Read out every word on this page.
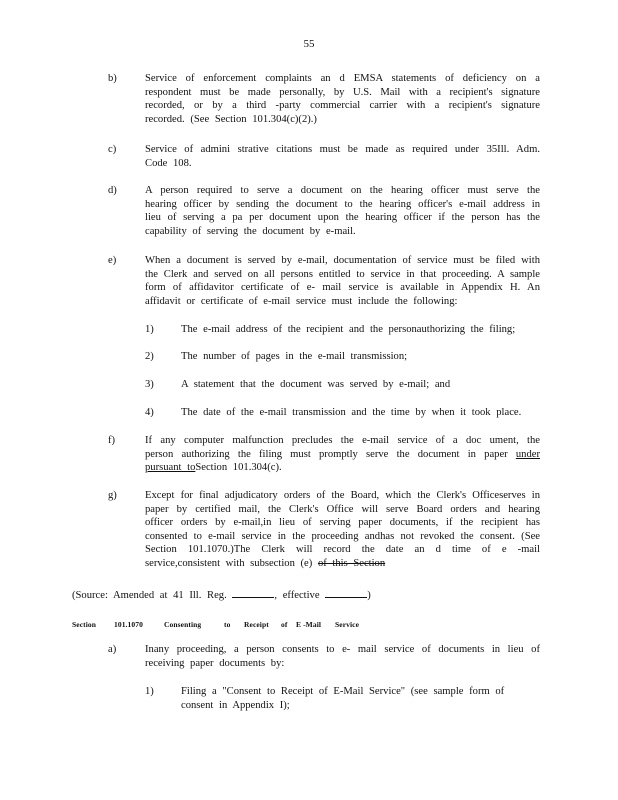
55
b)	Service of enforcement complaints an d EMSA statements of deficiency on a respondent must be made personally, by U.S. Mail with a recipient's signature recorded, or by a third -party commercial carrier with a recipient's signature recorded. (See Section 101.304(c)(2).)
c)	Service of admini strative citations must be made as required under 35Ill. Adm. Code 108.
d)	A person required to serve a document on the hearing officer must serve the hearing officer by sending the document to the hearing officer's e-mail address in lieu of serving a pa per document upon the hearing officer if the person has the capability of serving the document by e-mail.
e)	When a document is served by e-mail, documentation of service must be filed with the Clerk and served on all persons entitled to service in that proceeding. A sample form of affidavitor certificate of e- mail service is available in Appendix H. An affidavit or certificate of e-mail service must include the following:
1)	The e-mail address of the recipient and the personauthorizing the filing;
2)	The number of pages in the e-mail transmission;
3)	A statement that the document was served by e-mail; and
4)	The date of the e-mail transmission and the time by when it took place.
f)	If any computer malfunction precludes the e-mail service of a doc ument, the person authorizing the filing must promptly serve the document in paper under pursuant toSection 101.304(c).
g)	Except for final adjudicatory orders of the Board, which the Clerk's Officeserves in paper by certified mail, the Clerk's Office will serve Board orders and hearing officer orders by e-mail,in lieu of serving paper documents, if the recipient has consented to e-mail service in the proceeding andhas not revoked the consent. (See Section 101.1070.)The Clerk will record the date an d time of e -mail service,consistent with subsection (e) of this Section
(Source: Amended at 41 Ill. Reg.	, effective	)
Section 101.1070	Consenting	to Receipt of E -Mail Service
a)	Inany proceeding, a person consents to e- mail service of documents in lieu of receiving paper documents by:
1)	Filing a "Consent to Receipt of E-Mail Service" (see sample form of consent in Appendix I);
